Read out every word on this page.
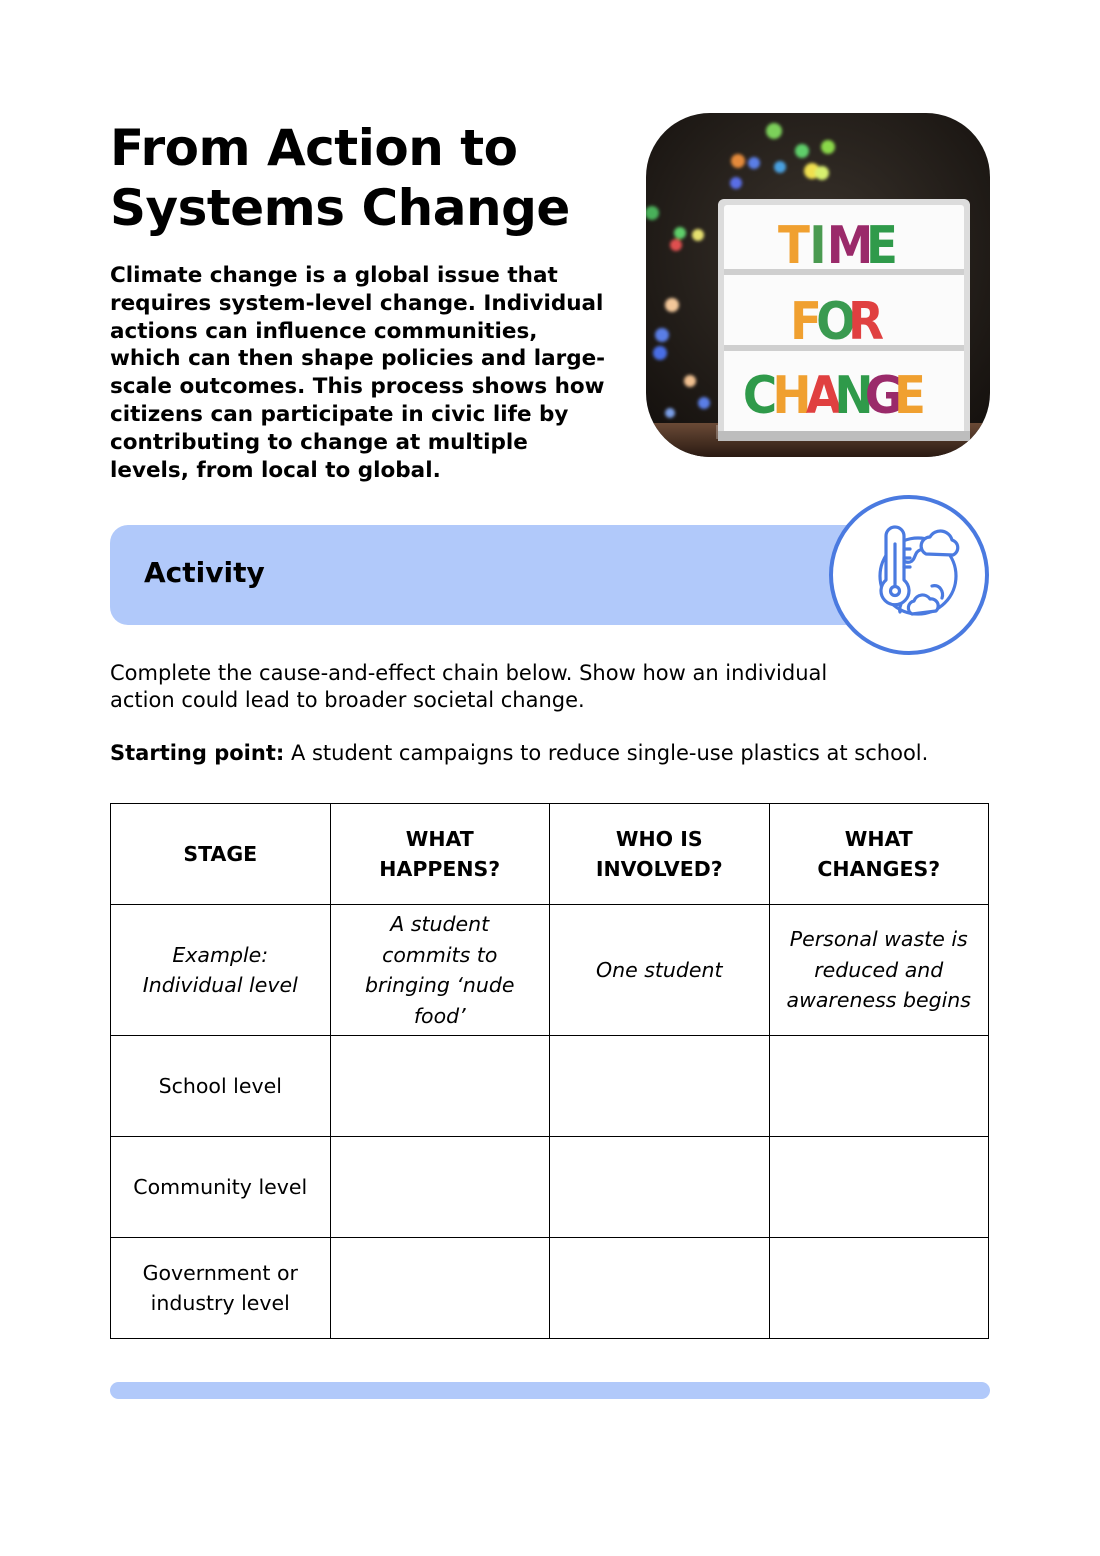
From Action to
Systems Change

Climate change is a global issue that requires system-level change. Individual actions can influence communities, which can then shape policies and large-scale outcomes. This process shows how citizens can participate in civic life by contributing to change at multiple levels, from local to global.

T I M
E
F
O
R
C
H
A
N
G
E
Activity

Complete the cause-and-effect chain below. Show how an individual action could lead to broader societal change.

Starting point: A student campaigns to reduce single-use plastics at school.

STAGE	WHAT HAPPENS?	WHO IS INVOLVED?	WHAT CHANGES?
Example: Individual level	A student commits to bringing ‘nude food’	One student	Personal waste is reduced and awareness begins
School level			
Community level			
Government or industry level			
